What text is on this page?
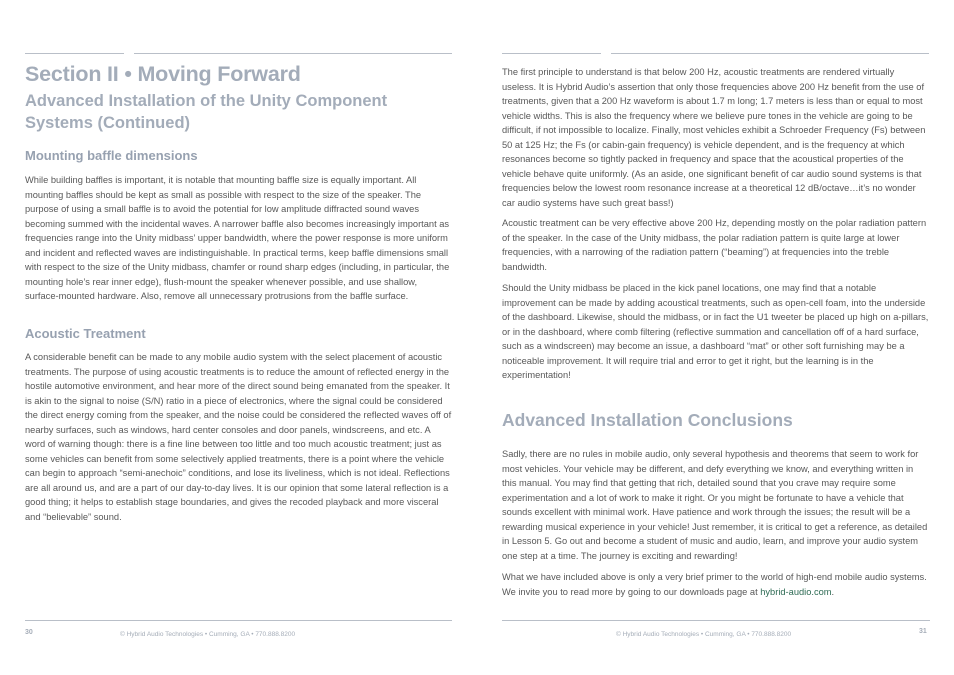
Section II • Moving Forward
Advanced Installation of the Unity Component Systems (Continued)
Mounting baffle dimensions

While building baffles is important, it is notable that mounting baffle size is equally important. All mounting baffles should be kept as small as possible with respect to the size of the speaker. The purpose of using a small baffle is to avoid the potential for low amplitude diffracted sound waves becoming summed with the incidental waves. A narrower baffle also becomes increasingly important as frequencies range into the Unity midbass’ upper bandwidth, where the power response is more uniform and incident and reflected waves are indistinguishable. In practical terms, keep baffle dimensions small with respect to the size of the Unity midbass, chamfer or round sharp edges (including, in particular, the mounting hole’s rear inner edge), flush-mount the speaker whenever possible, and use shallow, surface-mounted hardware. Also, remove all unnecessary protrusions from the baffle surface.

Acoustic Treatment

A considerable benefit can be made to any mobile audio system with the select placement of acoustic treatments. The purpose of using acoustic treatments is to reduce the amount of reflected energy in the hostile automotive environment, and hear more of the direct sound being emanated from the speaker. It is akin to the signal to noise (S/N) ratio in a piece of electronics, where the signal could be considered the direct energy coming from the speaker, and the noise could be considered the reflected waves off of nearby surfaces, such as windows, hard center consoles and door panels, windscreens, and etc. A word of warning though: there is a fine line between too little and too much acoustic treatment; just as some vehicles can benefit from some selectively applied treatments, there is a point where the vehicle can begin to approach “semi-anechoic” conditions, and lose its liveliness, which is not ideal. Reflections are all around us, and are a part of our day-to-day lives. It is our opinion that some lateral reflection is a good thing; it helps to establish stage boundaries, and gives the recoded playback and more visceral and “believable” sound.

The first principle to understand is that below 200 Hz, acoustic treatments are rendered virtually useless. It is Hybrid Audio’s assertion that only those frequencies above 200 Hz benefit from the use of treatments, given that a 200 Hz waveform is about 1.7 m long; 1.7 meters is less than or equal to most vehicle widths. This is also the frequency where we believe pure tones in the vehicle are going to be difficult, if not impossible to localize. Finally, most vehicles exhibit a Schroeder Frequency (Fs) between 50 at 125 Hz; the Fs (or cabin-gain frequency) is vehicle dependent, and is the frequency at which resonances become so tightly packed in frequency and space that the acoustical properties of the vehicle behave quite uniformly. (As an aside, one significant benefit of car audio sound systems is that frequencies below the lowest room resonance increase at a theoretical 12 dB/octave…it’s no wonder car audio systems have such great bass!)

Acoustic treatment can be very effective above 200 Hz, depending mostly on the polar radiation pattern of the speaker. In the case of the Unity midbass, the polar radiation pattern is quite large at lower frequencies, with a narrowing of the radiation pattern (“beaming”) at frequencies into the treble bandwidth.

Should the Unity midbass be placed in the kick panel locations, one may find that a notable improvement can be made by adding acoustical treatments, such as open-cell foam, into the underside of the dashboard. Likewise, should the midbass, or in fact the U1 tweeter be placed up high on a-pillars, or in the dashboard, where comb filtering (reflective summation and cancellation off of a hard surface, such as a windscreen) may become an issue, a dashboard “mat” or other soft furnishing may be a noticeable improvement. It will require trial and error to get it right, but the learning is in the experimentation!

Advanced Installation Conclusions

Sadly, there are no rules in mobile audio, only several hypothesis and theorems that seem to work for most vehicles. Your vehicle may be different, and defy everything we know, and everything written in this manual. You may find that getting that rich, detailed sound that you crave may require some experimentation and a lot of work to make it right. Or you might be fortunate to have a vehicle that sounds excellent with minimal work. Have patience and work through the issues; the result will be a rewarding musical experience in your vehicle! Just remember, it is critical to get a reference, as detailed in Lesson 5. Go out and become a student of music and audio, learn, and improve your audio system one step at a time. The journey is exciting and rewarding!

What we have included above is only a very brief primer to the world of high-end mobile audio systems. We invite you to read more by going to our downloads page at hybrid-audio.com.

30	© Hybrid Audio Technologies • Cumming, GA • 770.888.8200	© Hybrid Audio Technologies • Cumming, GA • 770.888.8200	31
